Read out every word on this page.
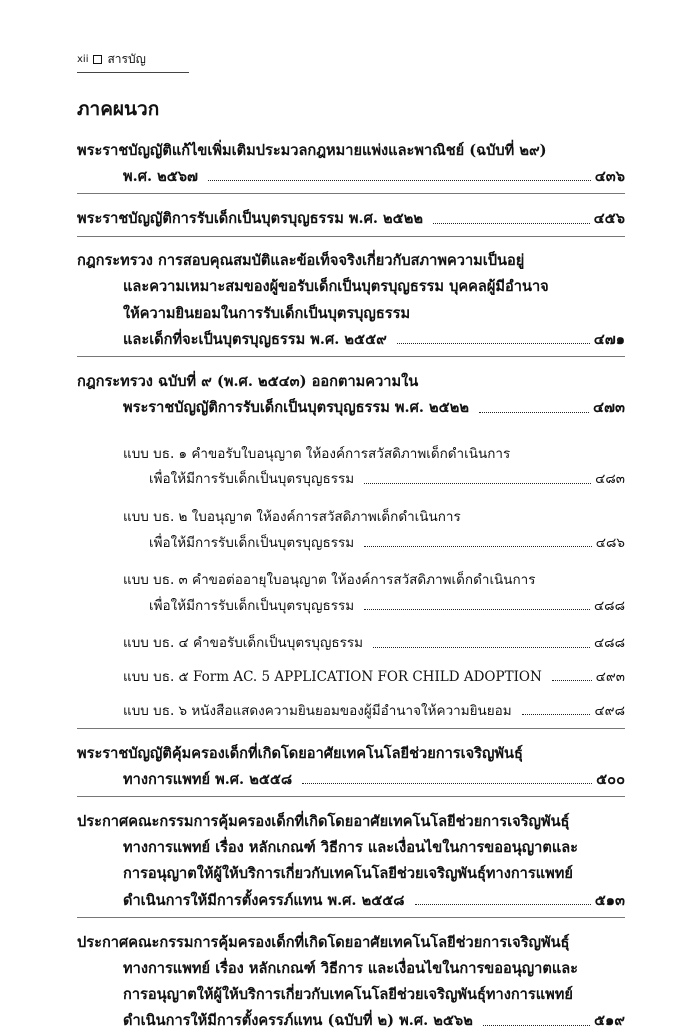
xii สารบัญ
ภาคผนวก
พระราชบัญญัติแก้ไขเพิ่มเติมประมวลกฎหมายแพ่งและพาณิชย์ (ฉบับที่ ๒๙)
พ.ศ. ๒๕๖๗	๔๓๖
พระราชบัญญัติการรับเด็กเป็นบุตรบุญธรรม พ.ศ. ๒๕๒๒	๔๕๖
กฎกระทรวง การสอบคุณสมบัติและข้อเท็จจริงเกี่ยวกับสภาพความเป็นอยู่
และความเหมาะสมของผู้ขอรับเด็กเป็นบุตรบุญธรรม บุคคลผู้มีอำนาจ
ให้ความยินยอมในการรับเด็กเป็นบุตรบุญธรรม
และเด็กที่จะเป็นบุตรบุญธรรม พ.ศ. ๒๕๕๙	๔๗๑
กฎกระทรวง ฉบับที่ ๙ (พ.ศ. ๒๕๔๓) ออกตามความใน
พระราชบัญญัติการรับเด็กเป็นบุตรบุญธรรม พ.ศ. ๒๕๒๒	๔๗๓
แบบ บธ. ๑ คำขอรับใบอนุญาต ให้องค์การสวัสดิภาพเด็กดำเนินการ
เพื่อให้มีการรับเด็กเป็นบุตรบุญธรรม	๔๘๓
แบบ บธ. ๒ ใบอนุญาต ให้องค์การสวัสดิภาพเด็กดำเนินการ
เพื่อให้มีการรับเด็กเป็นบุตรบุญธรรม	๔๘๖
แบบ บธ. ๓ คำขอต่ออายุใบอนุญาต ให้องค์การสวัสดิภาพเด็กดำเนินการ
เพื่อให้มีการรับเด็กเป็นบุตรบุญธรรม	๔๘๘
แบบ บธ. ๔ คำขอรับเด็กเป็นบุตรบุญธรรม	๔๘๘
แบบ บธ. ๕ Form AC. 5 APPLICATION FOR CHILD ADOPTION	๔๙๓
แบบ บธ. ๖ หนังสือแสดงความยินยอมของผู้มีอำนาจให้ความยินยอม	๔๙๘
พระราชบัญญัติคุ้มครองเด็กที่เกิดโดยอาศัยเทคโนโลยีช่วยการเจริญพันธุ์
ทางการแพทย์ พ.ศ. ๒๕๕๘	๕๐๐
ประกาศคณะกรรมการคุ้มครองเด็กที่เกิดโดยอาศัยเทคโนโลยีช่วยการเจริญพันธุ์
ทางการแพทย์ เรื่อง หลักเกณฑ์ วิธีการ และเงื่อนไขในการขออนุญาตและ
การอนุญาตให้ผู้ให้บริการเกี่ยวกับเทคโนโลยีช่วยเจริญพันธุ์ทางการแพทย์
ดำเนินการให้มีการตั้งครรภ์แทน พ.ศ. ๒๕๕๘	๕๑๓
ประกาศคณะกรรมการคุ้มครองเด็กที่เกิดโดยอาศัยเทคโนโลยีช่วยการเจริญพันธุ์
ทางการแพทย์ เรื่อง หลักเกณฑ์ วิธีการ และเงื่อนไขในการขออนุญาตและ
การอนุญาตให้ผู้ให้บริการเกี่ยวกับเทคโนโลยีช่วยเจริญพันธุ์ทางการแพทย์
ดำเนินการให้มีการตั้งครรภ์แทน (ฉบับที่ ๒) พ.ศ. ๒๕๖๒	๕๑๙
